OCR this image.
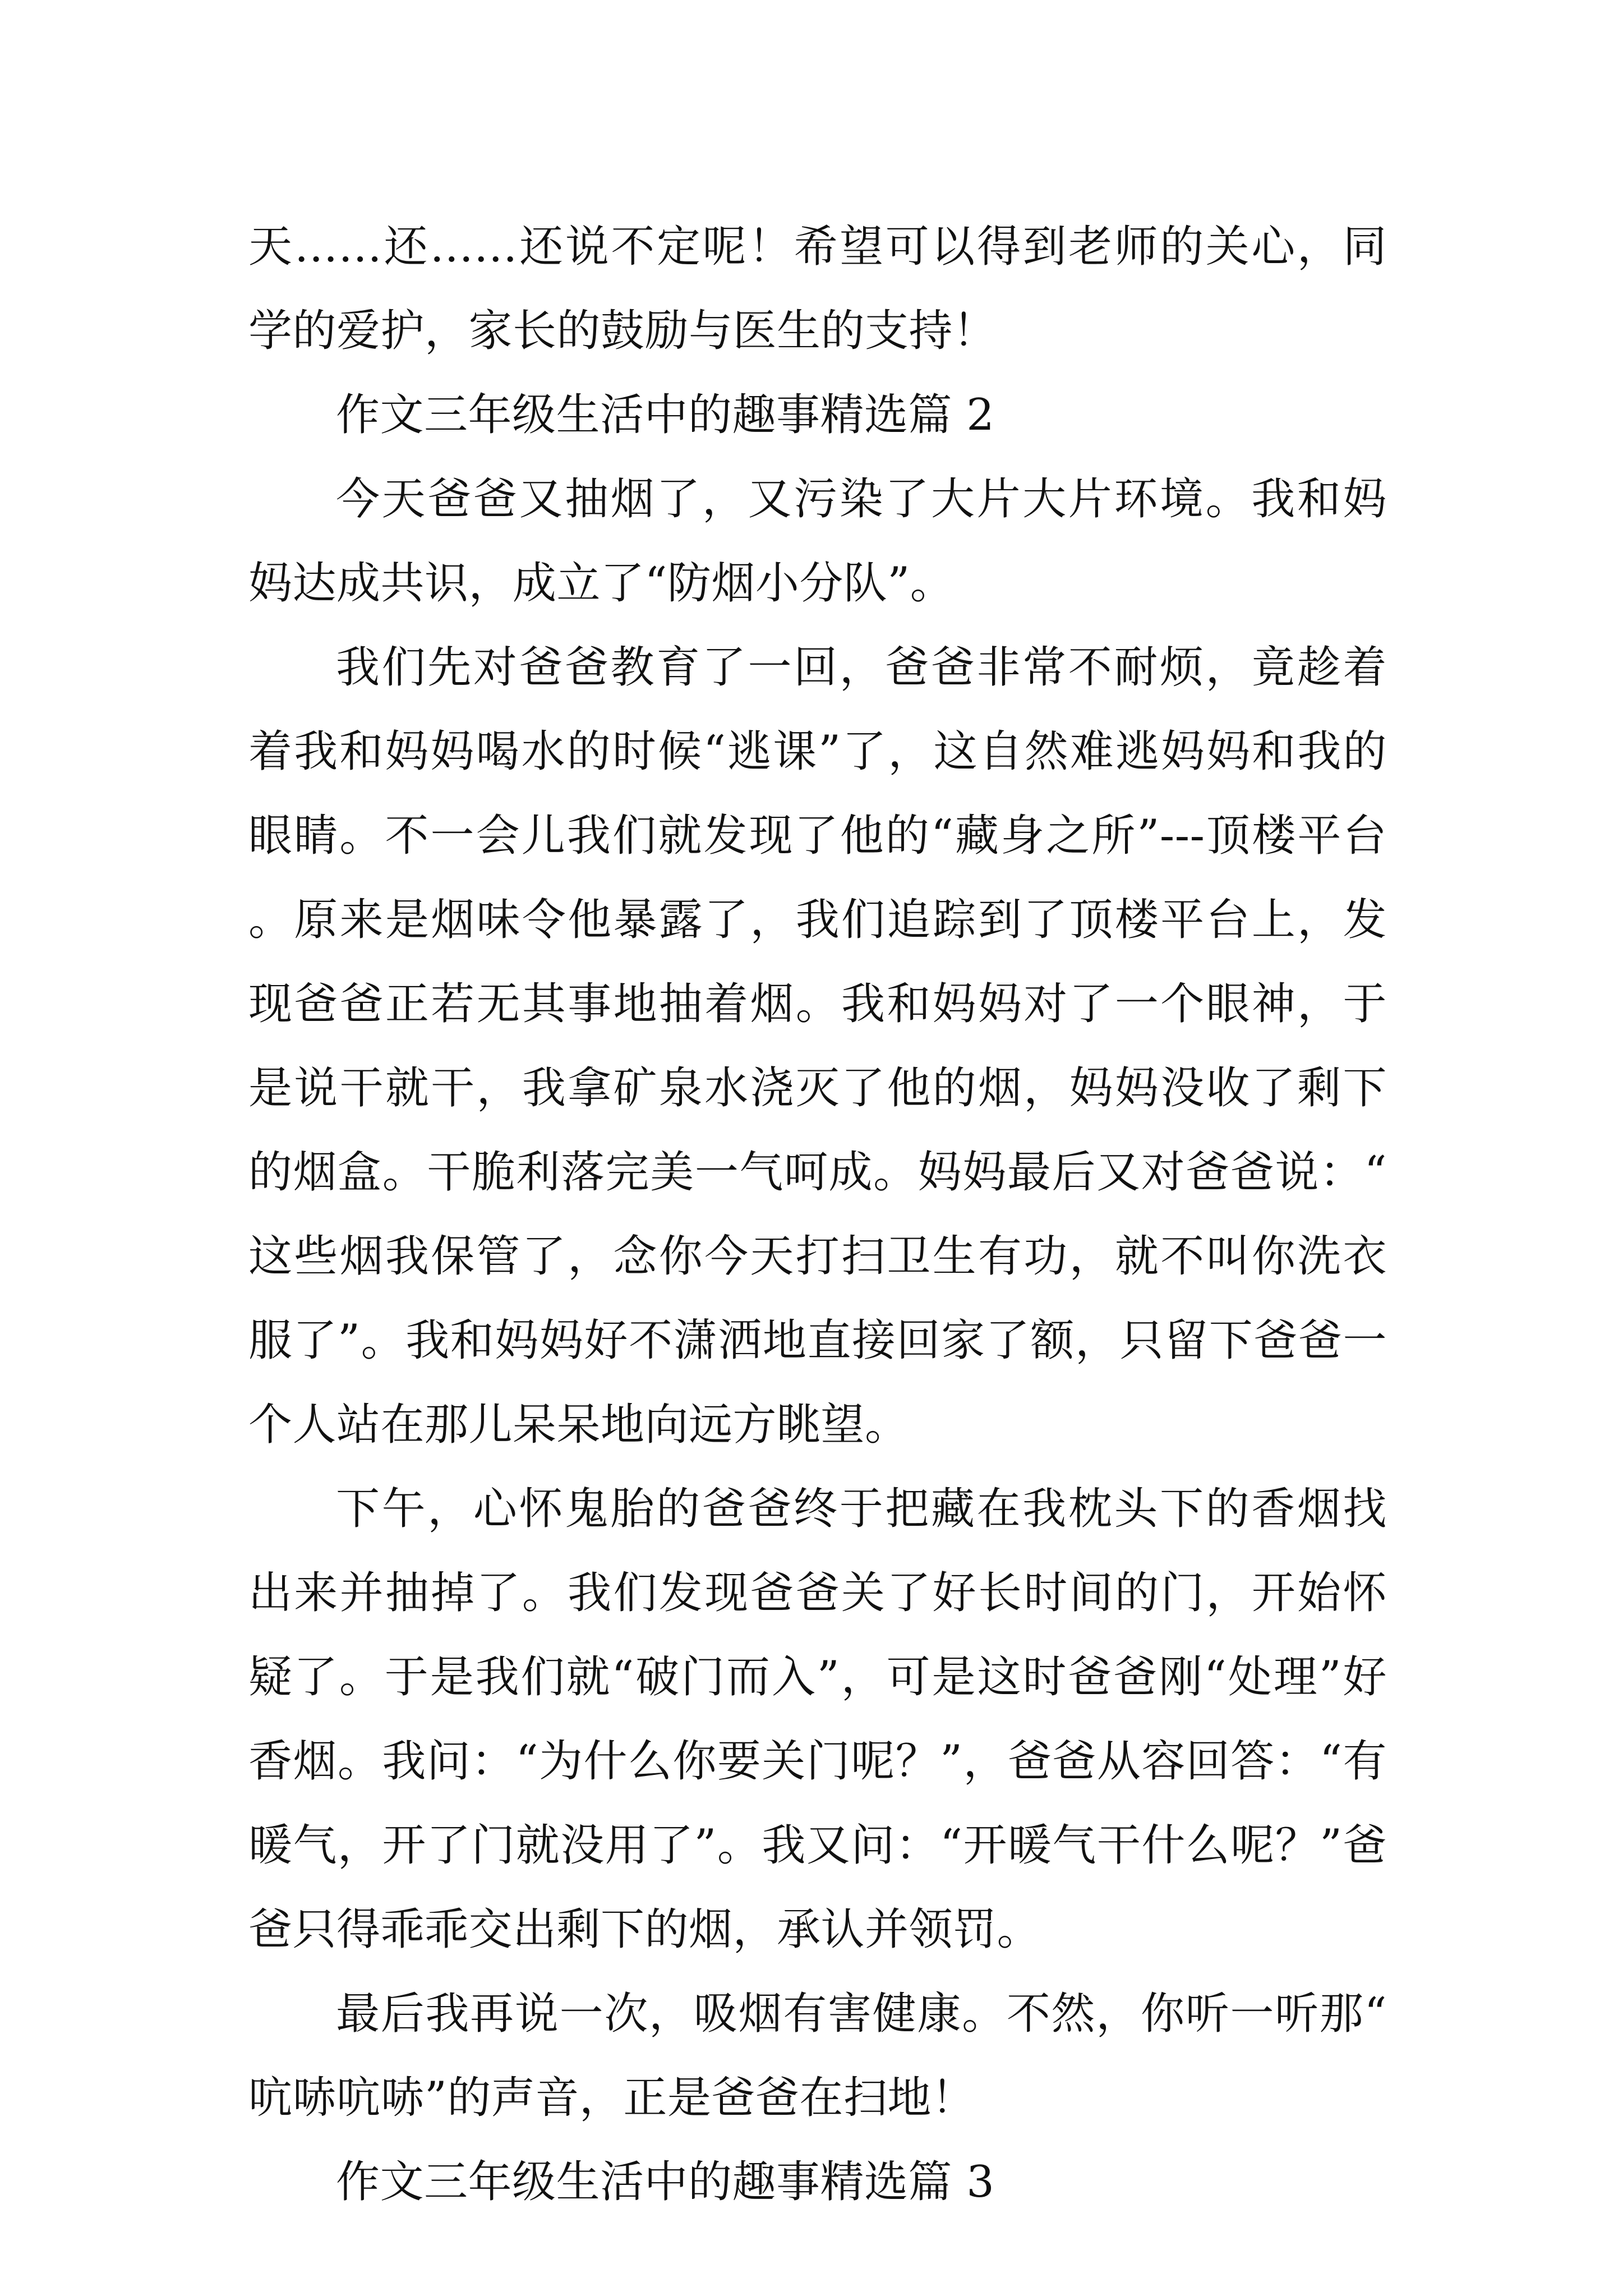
天……还……还说不定呢！希望可以得到老师的关心，同学的爱护，家长的鼓励与医生的支持！

作文三年级生活中的趣事精选篇 2

今天爸爸又抽烟了，又污染了大片大片环境。我和妈妈达成共识，成立了“防烟小分队”。

我们先对爸爸教育了一回，爸爸非常不耐烦，竟趁着着我和妈妈喝水的时候“逃课”了，这自然难逃妈妈和我的眼睛。不一会儿我们就发现了他的“藏身之所”---顶楼平台。原来是烟味令他暴露了，我们追踪到了顶楼平台上，发现爸爸正若无其事地抽着烟。我和妈妈对了一个眼神，于是说干就干，我拿矿泉水浇灭了他的烟，妈妈没收了剩下的烟盒。干脆利落完美一气呵成。妈妈最后又对爸爸说：“这些烟我保管了，念你今天打扫卫生有功，就不叫你洗衣服了”。我和妈妈好不潇洒地直接回家了额，只留下爸爸一个人站在那儿呆呆地向远方眺望。

下午，心怀鬼胎的爸爸终于把藏在我枕头下的香烟找出来并抽掉了。我们发现爸爸关了好长时间的门，开始怀疑了。于是我们就“破门而入”，可是这时爸爸刚“处理”好香烟。我问：“为什么你要关门呢？”，爸爸从容回答：“有暖气，开了门就没用了”。我又问：“开暖气干什么呢？”爸爸只得乖乖交出剩下的烟，承认并领罚。

最后我再说一次，吸烟有害健康。不然，你听一听那“吭哧吭哧”的声音，正是爸爸在扫地！

作文三年级生活中的趣事精选篇 3
